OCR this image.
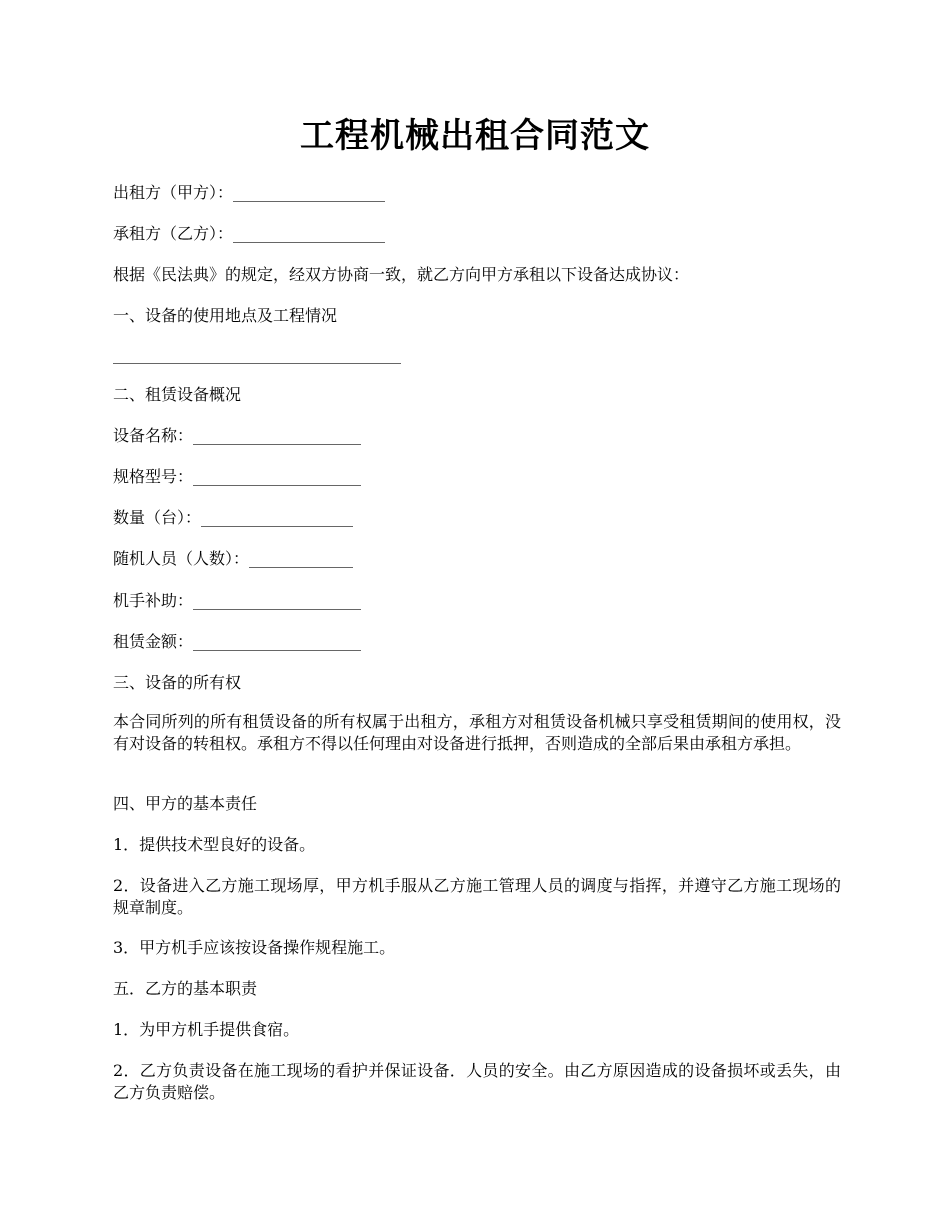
工程机械出租合同范文
出租方（甲方）：___________________
承租方（乙方）：___________________
根据《民法典》的规定，经双方协商一致，就乙方向甲方承租以下设备达成协议：
一、设备的使用地点及工程情况
____________________________________
二、租赁设备概况
设备名称：_____________________
规格型号：_____________________
数量（台）：___________________
随机人员（人数）：_____________
机手补助：_____________________
租赁金额：_____________________
三、设备的所有权
本合同所列的所有租赁设备的所有权属于出租方，承租方对租赁设备机械只享受租赁期间的使用权，没有对设备的转租权。承租方不得以任何理由对设备进行抵押，否则造成的全部后果由承租方承担。
四、甲方的基本责任
1．提供技术型良好的设备。
2．设备进入乙方施工现场厚，甲方机手服从乙方施工管理人员的调度与指挥，并遵守乙方施工现场的规章制度。
3．甲方机手应该按设备操作规程施工。
五．乙方的基本职责
1．为甲方机手提供食宿。
2．乙方负责设备在施工现场的看护并保证设备．人员的安全。由乙方原因造成的设备损坏或丢失，由乙方负责赔偿。
